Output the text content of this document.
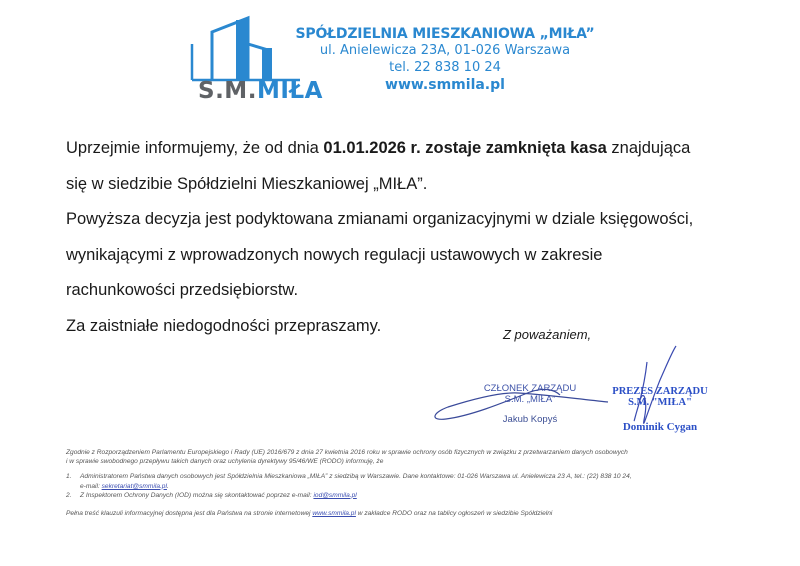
S.M.MIŁA
SPÓŁDZIELNIA MIESZKANIOWA „MIŁA”
ul. Anielewicza 23A, 01-026 Warszawa
tel. 22 838 10 24
www.smmila.pl

Uprzejmie informujemy, że od dnia 01.01.2026 r. zostaje zamknięta kasa znajdująca

się w siedzibie Spółdzielni Mieszkaniowej „MIŁA”.

Powyższa decyzja jest podyktowana zmianami organizacyjnymi w dziale księgowości,

wynikającymi z wprowadzonych nowych regulacji ustawowych w zakresie

rachunkowości przedsiębiorstw.

Za zaistniałe niedogodności przepraszamy.	Z poważaniem,
CZŁONEK ZARZĄDU
S.M. „MIŁA”
Jakub Kopyś
PREZES ZARZĄDU
S.M. "MIŁA"
Dominik Cygan

Zgodnie z Rozporządzeniem Parlamentu Europejskiego i Rady (UE) 2016/679 z dnia 27 kwietnia 2016 roku w sprawie ochrony osób fizycznych w związku z przetwarzaniem danych osobowych

i w sprawie swobodnego przepływu takich danych oraz uchylenia dyrektywy 95/46/WE (RODO) informuję, że

1. Administratorem Państwa danych osobowych jest Spółdzielnia Mieszkaniowa „MIŁA” z siedzibą w Warszawie. Dane kontaktowe: 01-026 Warszawa ul. Anielewicza 23 A, tel.: (22) 838 10 24,
e-mail: sekretariat@smmila.pl.
2. Z Inspektorem Ochrony Danych (IOD) można się skontaktować poprzez e-mail: iod@smmila.pl

Pełna treść klauzuli informacyjnej dostępna jest dla Państwa na stronie internetowej www.smmila.pl w zakładce RODO oraz na tablicy ogłoszeń w siedzibie Spółdzielni
